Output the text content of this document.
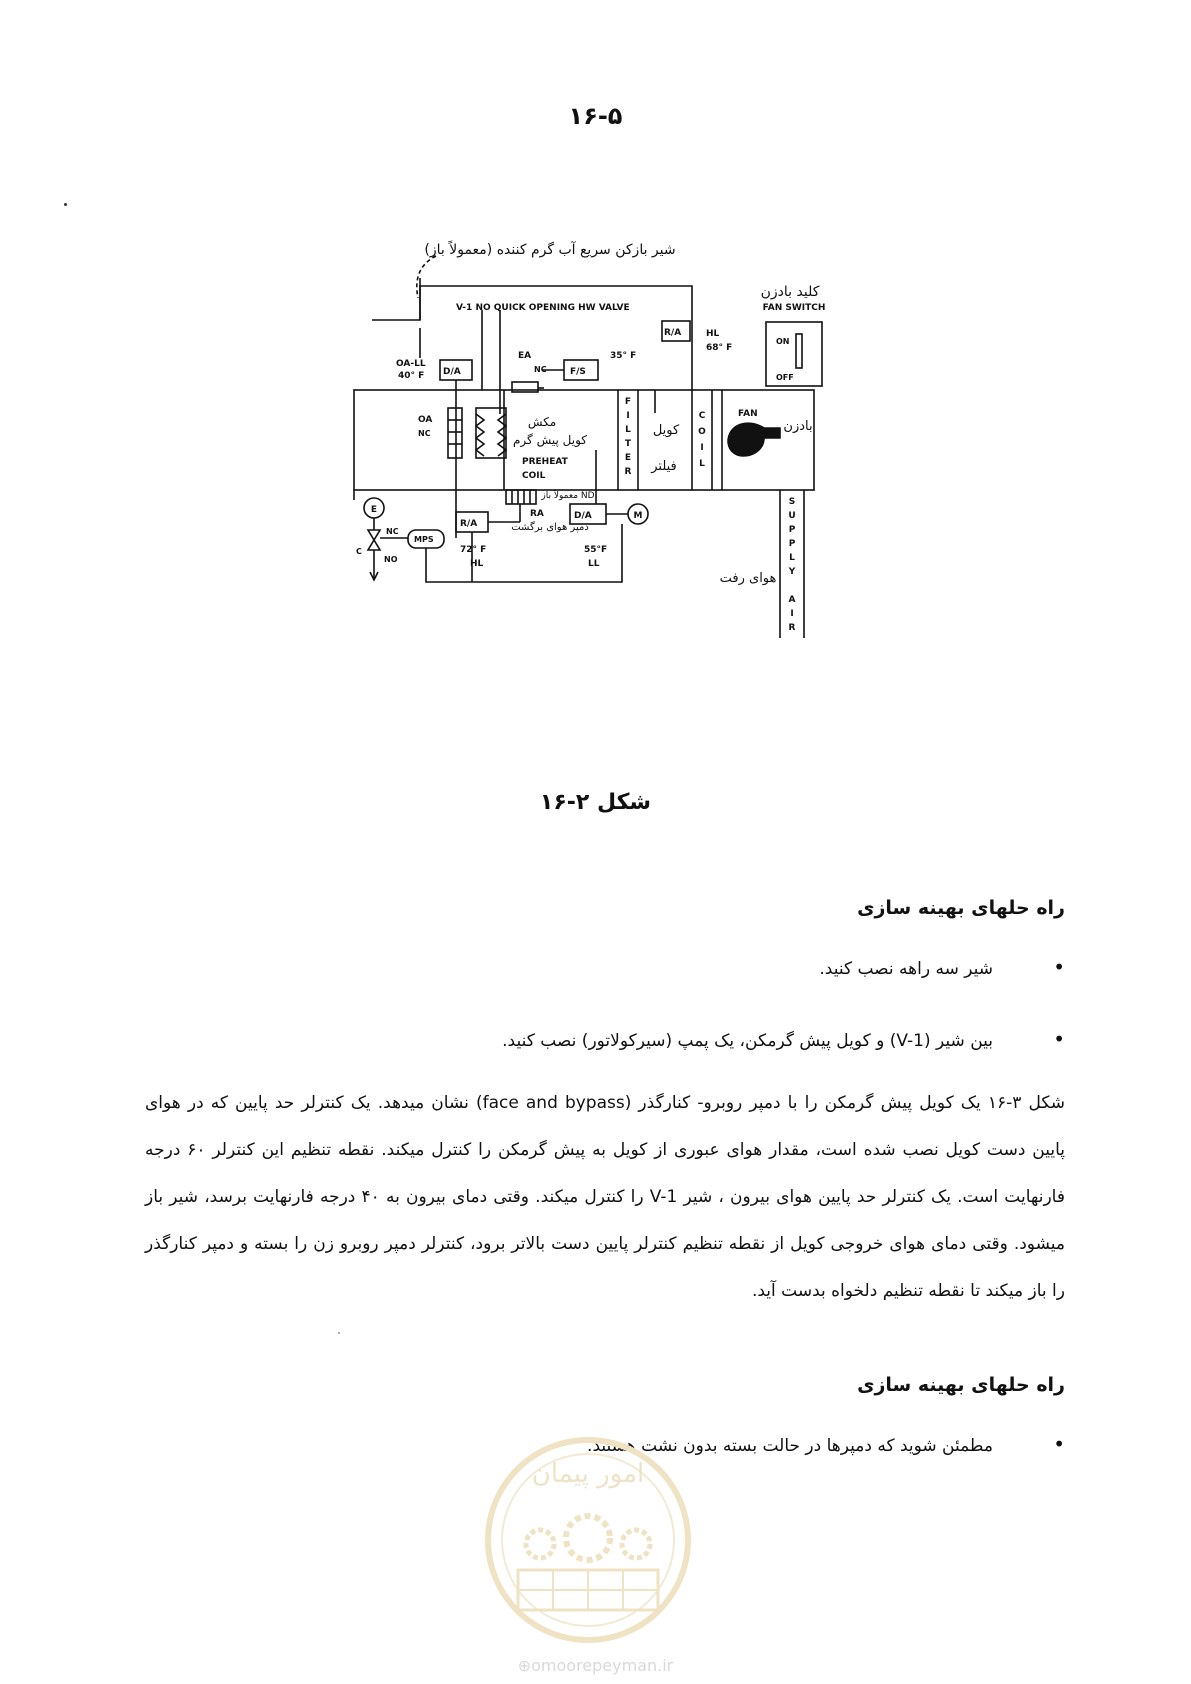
۱۶-۵
شیر بازکن سریع آب گرم کننده (معمولاً باز)
V-1 NO QUICK OPENING HW VALVE
R/A	HL
68° F
کلید بادزن
FAN SWITCH
ON
OFF
OA-LL
40° F D/A
EA
NC	F/S
35° F
OA
NC
مکش
کویل پیش گرم
PREHEAT
COIL
F
I
L
T
E
R
کویل
فیلتر
C
O
I
L
FAN
بادزن
S
U
P
P
L
Y
A
I
R
هوای رفت
ND معمولاً باز
RA
دمپر هوای برگشت
R/A
D/A	M
E
NC
C
NO
MPS
72° F
HL
55°F
LL
شکل ۲-۱۶
راه حلهای بهینه سازی
•شیر سه راهه نصب کنید.
•بین شیر (V-1) و کویل پیش گرمکن، یک پمپ (سیرکولاتور) نصب کنید.
شکل ۳-۱۶ یک کویل پیش گرمکن را با دمپر روبرو- کنارگذر (face and bypass) نشان میدهد. یک کنترلر حد پایین که در هوای پایین دست کویل نصب شده است، مقدار هوای عبوری از کویل به پیش گرمکن را کنترل میکند. نقطه تنظیم این کنترلر ۶۰ درجه فارنهایت است. یک کنترلر حد پایین هوای بیرون ، شیر V-1 را کنترل میکند. وقتی دمای بیرون به ۴۰ درجه فارنهایت برسد، شیر باز میشود. وقتی دمای هوای خروجی کویل از نقطه تنظیم کنترلر پایین دست بالاتر برود، کنترلر دمپر روبرو زن را بسته و دمپر کنارگذر را باز میکند تا نقطه تنظیم دلخواه بدست آید.
راه حلهای بهینه سازی
•مطمئن شوید که دمپرها در حالت بسته بدون نشت هستند.
امور پیمان
⊕omoorepeyman.ir
